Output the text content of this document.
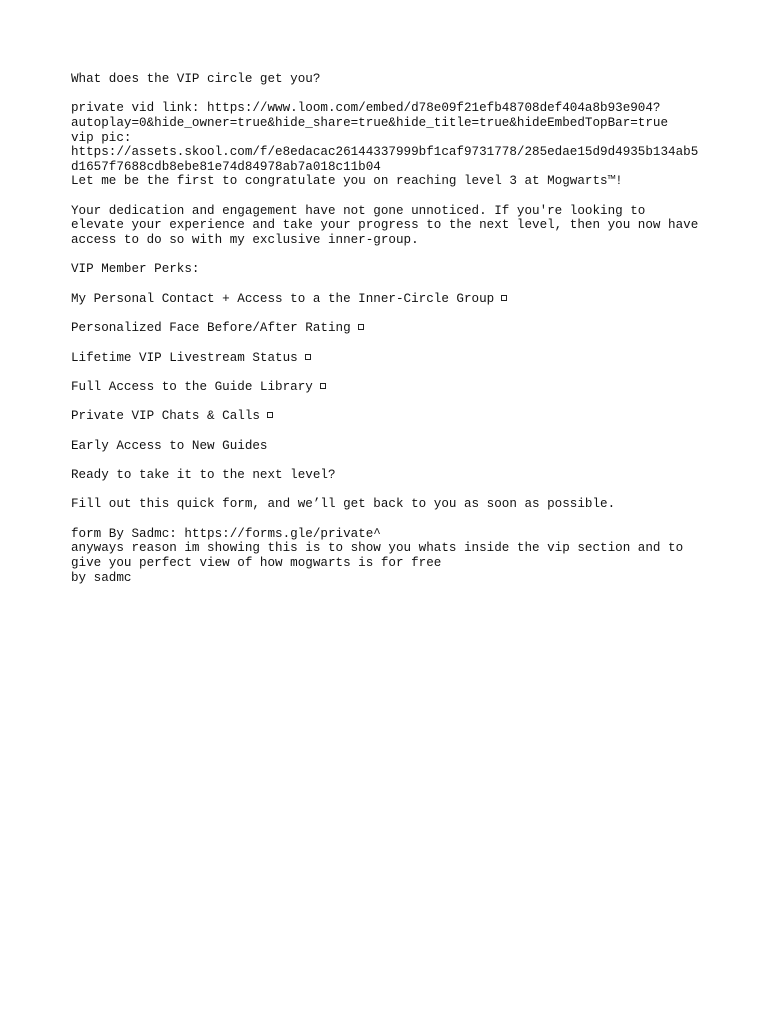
What does the VIP circle get you?
private vid link: https://www.loom.com/embed/d78e09f21efb48708def404a8b93e904?
autoplay=0&hide_owner=true&hide_share=true&hide_title=true&hideEmbedTopBar=true
vip pic:
https://assets.skool.com/f/e8edacac26144337999bf1caf9731778/285edae15d9d4935b134ab5
d1657f7688cdb8ebe81e74d84978ab7a018c11b04
Let me be the first to congratulate you on reaching level 3 at Mogwarts™!
Your dedication and engagement have not gone unnoticed. If you're looking to
elevate your experience and take your progress to the next level, then you now have
access to do so with my exclusive inner-group.
VIP Member Perks:
My Personal Contact + Access to a the Inner-Circle Group
Personalized Face Before/After Rating
Lifetime VIP Livestream Status
Full Access to the Guide Library
Private VIP Chats & Calls
Early Access to New Guides
Ready to take it to the next level?
Fill out this quick form, and we’ll get back to you as soon as possible.
form By Sadmc: https://forms.gle/private^
anyways reason im showing this is to show you whats inside the vip section and to
give you perfect view of how mogwarts is for free
by sadmc
